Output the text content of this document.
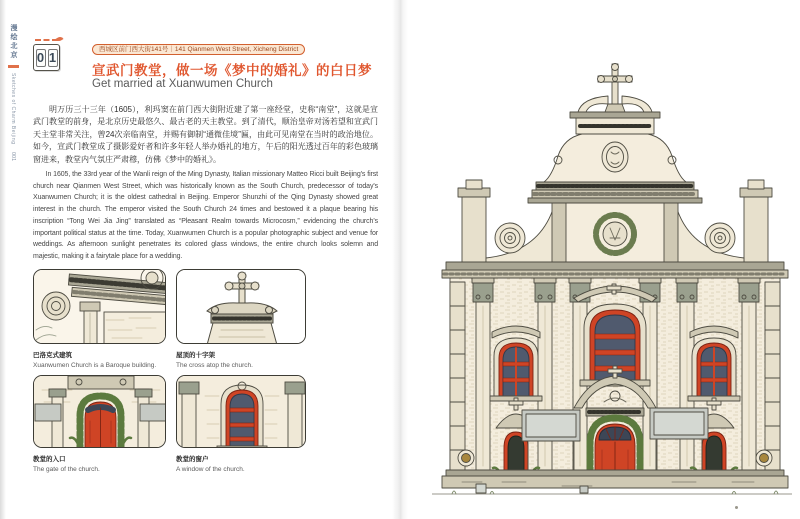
漫绘北京
Sketches of Charm Beijing
001
0 1
西城区前门西大街141号｜141 Qianmen West Street, Xicheng District
宣武门教堂，做一场《梦中的婚礼》的白日梦
Get married at Xuanwumen Church

明万历三十三年（1605），利玛窦在前门西大街附近建了第一座经堂，史称“南堂”，这就是宣武门教堂的前身，是北京历史最悠久、最古老的天主教堂。到了清代，顺治皇帝对汤若望和宣武门天主堂非常关注，曾24次亲临南堂，并赐有御制“通微佳境”匾，由此可见南堂在当时的政治地位。如今，宣武门教堂成了摄影爱好者和许多年轻人举办婚礼的地方，午后的阳光透过百年的彩色玻璃窗进来，教堂内气氛庄严肃穆，仿佛《梦中的婚礼》。

In 1605, the 33rd year of the Wanli reign of the Ming Dynasty, Italian missionary Matteo Ricci built Beijing's first church near Qianmen West Street, which was historically known as the South Church, predecessor of today's Xuanwumen Church; it is the oldest cathedral in Beijing. Emperor Shunzhi of the Qing Dynasty showed great interest in the church. The emperor visited the South Church 24 times and bestowed it a plaque bearing his inscription “Tong Wei Jia Jing” translated as “Pleasant Realm towards Microcosm,” evidencing the church's important political status at the time. Today, Xuanwumen Church is a popular photographic subject and venue for weddings. As afternoon sunlight penetrates its colored glass windows, the entire church looks solemn and majestic, making it a fairytale place for a wedding.

巴洛克式建筑
Xuanwumen Church is a Baroque building.
屋顶的十字架
The cross atop the church.
教堂的入口
The gate of the church.
教堂的窗户
A window of the church.
